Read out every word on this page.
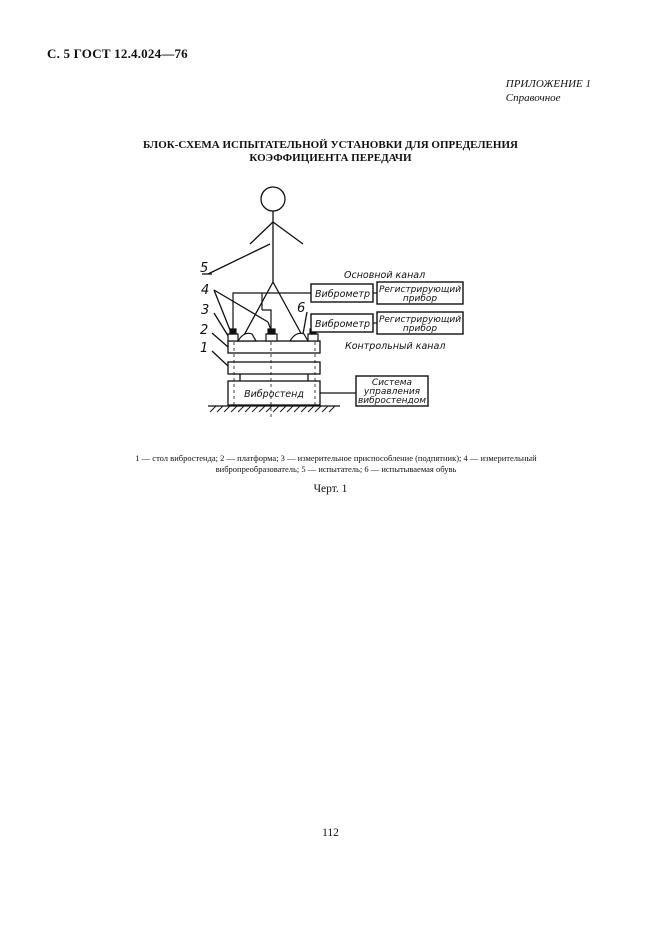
С. 5 ГОСТ 12.4.024—76
ПРИЛОЖЕНИЕ 1
Справочное
БЛОК-СХЕМА ИСПЫТАТЕЛЬНОЙ УСТАНОВКИ ДЛЯ ОПРЕДЕЛЕНИЯ
КОЭФФИЦИЕНТА ПЕРЕДАЧИ
5
4
3
2
1
6
Основной канал
Контрольный канал
Виброметр
Виброметр
Регистрирующий
прибор
Регистрирующий
прибор
Вибростенд
Система
управления
вибростендом
1 — стол вибростенда; 2 — платформа; 3 — измерительное приспособление (подпятник); 4 — измерительный
вибропреобразователь; 5 — испытатель; 6 — испытываемая обувь
Черт. 1
112
